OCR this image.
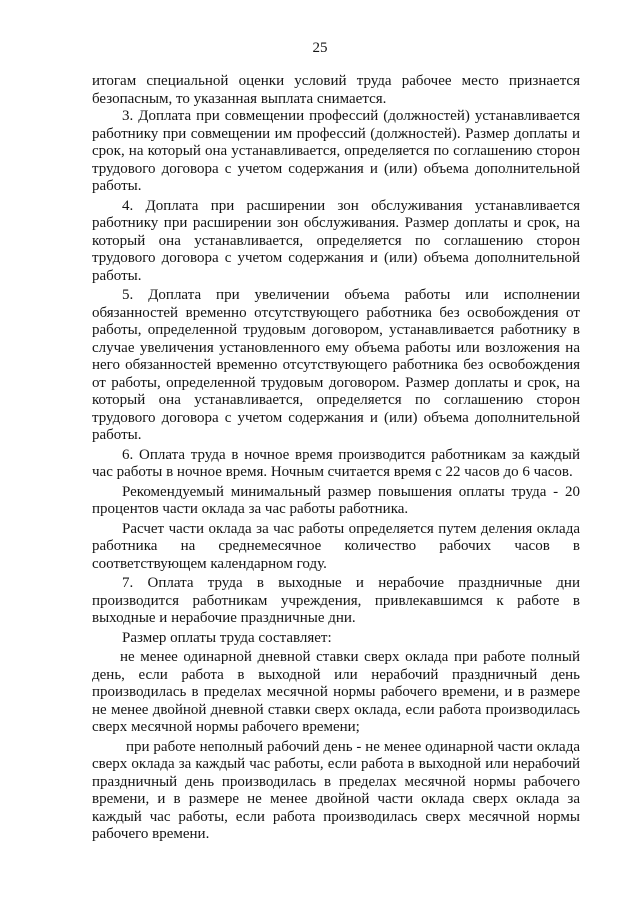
25

итогам специальной оценки условий труда рабочее место признается безопасным, то указанная выплата снимается.

3. Доплата при совмещении профессий (должностей) устанавливается работнику при совмещении им профессий (должностей). Размер доплаты и срок, на который она устанавливается, определяется по соглашению сторон трудового договора с учетом содержания и (или) объема дополнительной работы.

4. Доплата при расширении зон обслуживания устанавливается работнику при расширении зон обслуживания. Размер доплаты и срок, на который она устанавливается, определяется по соглашению сторон трудового договора с учетом содержания и (или) объема дополнительной работы.

5. Доплата при увеличении объема работы или исполнении обязанностей временно отсутствующего работника без освобождения от работы, определенной трудовым договором, устанавливается работнику в случае увеличения установленного ему объема работы или возложения на него обязанностей временно отсутствующего работника без освобождения от работы, определенной трудовым договором. Размер доплаты и срок, на который она устанавливается, определяется по соглашению сторон трудового договора с учетом содержания и (или) объема дополнительной работы.

6. Оплата труда в ночное время производится работникам за каждый час работы в ночное время. Ночным считается время с 22 часов до 6 часов.

Рекомендуемый минимальный размер повышения оплаты труда - 20 процентов части оклада за час работы работника.

Расчет части оклада за час работы определяется путем деления оклада работника на среднемесячное количество рабочих часов в соответствующем календарном году.

7. Оплата труда в выходные и нерабочие праздничные дни производится работникам учреждения, привлекавшимся к работе в выходные и нерабочие праздничные дни.

Размер оплаты труда составляет:

не менее одинарной дневной ставки сверх оклада при работе полный день, если работа в выходной или нерабочий праздничный день производилась в пределах месячной нормы рабочего времени, и в размере не менее двойной дневной ставки сверх оклада, если работа производилась сверх месячной нормы рабочего времени;

при работе неполный рабочий день - не менее одинарной части оклада сверх оклада за каждый час работы, если работа в выходной или нерабочий праздничный день производилась в пределах месячной нормы рабочего времени, и в размере не менее двойной части оклада сверх оклада за каждый час работы, если работа производилась сверх месячной нормы рабочего времени.
